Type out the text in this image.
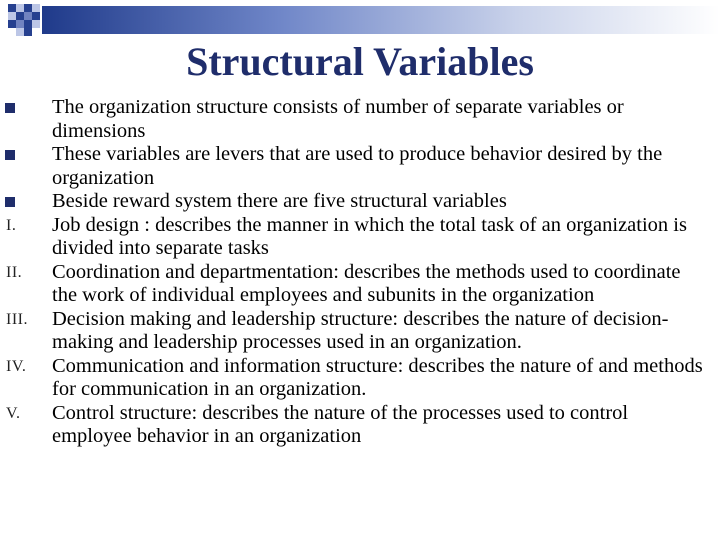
Structural Variables
The organization structure consists of number of separate variables or dimensions
These variables are levers that are used to produce behavior desired by the organization
Beside reward system there are five structural variables
I. Job design : describes the manner in which the total task of an organization is divided into separate tasks
II. Coordination and departmentation: describes the methods used to coordinate the work of individual employees and subunits in the organization
III. Decision making and leadership structure: describes the nature of decision-making and leadership processes used in an organization.
IV. Communication and information structure: describes the nature of and methods for communication in an organization.
V. Control structure: describes the nature of the processes used to control employee behavior in an organization
